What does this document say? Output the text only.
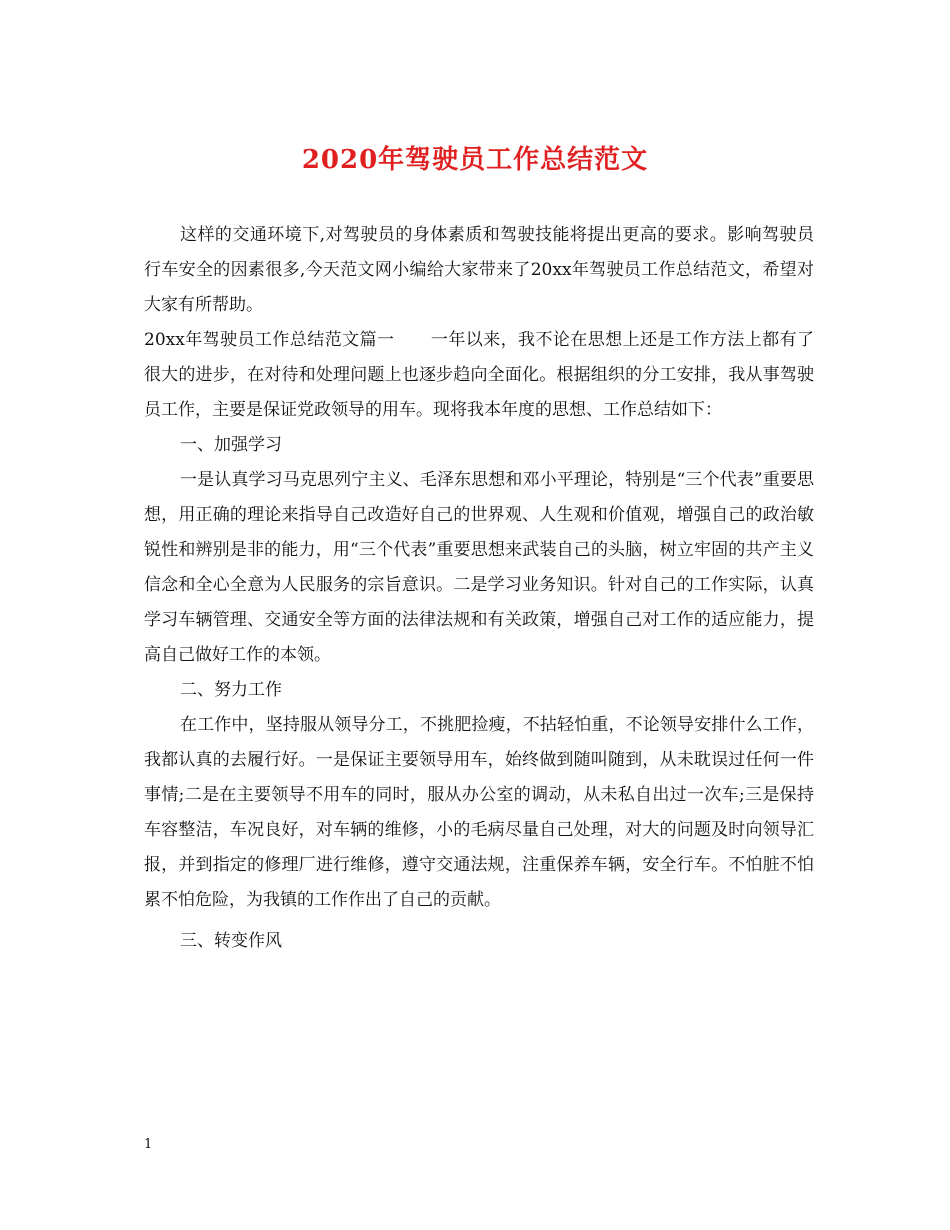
2020年驾驶员工作总结范文

这样的交通环境下,对驾驶员的身体素质和驾驶技能将提出更高的要求。影响驾驶员行车安全的因素很多,今天范文网小编给大家带来了20xx年驾驶员工作总结范文，希望对大家有所帮助。

20xx年驾驶员工作总结范文篇一 一年以来，我不论在思想上还是工作方法上都有了很大的进步，在对待和处理问题上也逐步趋向全面化。根据组织的分工安排，我从事驾驶员工作，主要是保证党政领导的用车。现将我本年度的思想、工作总结如下：

一、加强学习

一是认真学习马克思列宁主义、毛泽东思想和邓小平理论，特别是“三个代表”重要思想，用正确的理论来指导自己改造好自己的世界观、人生观和价值观，增强自己的政治敏锐性和辨别是非的能力，用“三个代表”重要思想来武装自己的头脑，树立牢固的共产主义信念和全心全意为人民服务的宗旨意识。二是学习业务知识。针对自己的工作实际，认真学习车辆管理、交通安全等方面的法律法规和有关政策，增强自己对工作的适应能力，提高自己做好工作的本领。

二、努力工作

在工作中，坚持服从领导分工，不挑肥捡瘦，不拈轻怕重，不论领导安排什么工作，我都认真的去履行好。一是保证主要领导用车，始终做到随叫随到，从未耽误过任何一件事情;二是在主要领导不用车的同时，服从办公室的调动，从未私自出过一次车;三是保持车容整洁，车况良好，对车辆的维修，小的毛病尽量自己处理，对大的问题及时向领导汇报，并到指定的修理厂进行维修，遵守交通法规，注重保养车辆，安全行车。不怕脏不怕累不怕危险，为我镇的工作作出了自己的贡献。

三、转变作风

1
